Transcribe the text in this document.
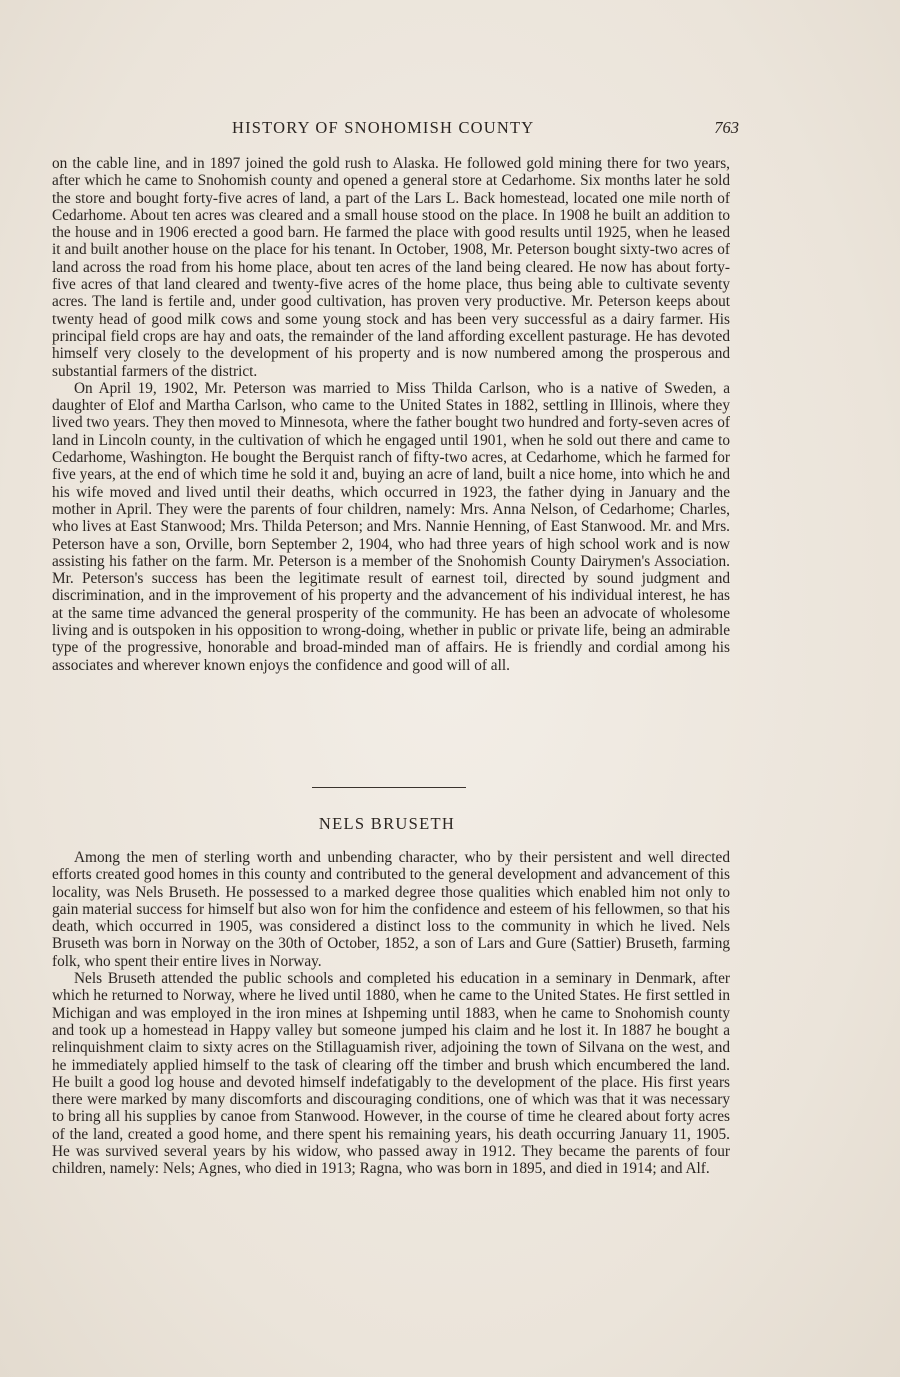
HISTORY OF SNOHOMISH COUNTY	763

on the cable line, and in 1897 joined the gold rush to Alaska. He followed gold mining there for two years, after which he came to Snohomish county and opened a general store at Cedarhome. Six months later he sold the store and bought forty-five acres of land, a part of the Lars L. Back homestead, located one mile north of Cedarhome. About ten acres was cleared and a small house stood on the place. In 1908 he built an addition to the house and in 1906 erected a good barn. He farmed the place with good results until 1925, when he leased it and built another house on the place for his tenant. In October, 1908, Mr. Peterson bought sixty-two acres of land across the road from his home place, about ten acres of the land being cleared. He now has about forty-five acres of that land cleared and twenty-five acres of the home place, thus being able to cultivate seventy acres. The land is fertile and, under good cultivation, has proven very productive. Mr. Peterson keeps about twenty head of good milk cows and some young stock and has been very successful as a dairy farmer. His principal field crops are hay and oats, the remainder of the land affording excellent pasturage. He has devoted himself very closely to the development of his property and is now numbered among the prosperous and substantial farmers of the district.

On April 19, 1902, Mr. Peterson was married to Miss Thilda Carlson, who is a native of Sweden, a daughter of Elof and Martha Carlson, who came to the United States in 1882, settling in Illinois, where they lived two years. They then moved to Minnesota, where the father bought two hundred and forty-seven acres of land in Lincoln county, in the cultivation of which he engaged until 1901, when he sold out there and came to Cedarhome, Washington. He bought the Berquist ranch of fifty-two acres, at Cedarhome, which he farmed for five years, at the end of which time he sold it and, buying an acre of land, built a nice home, into which he and his wife moved and lived until their deaths, which occurred in 1923, the father dying in January and the mother in April. They were the parents of four children, namely: Mrs. Anna Nelson, of Cedarhome; Charles, who lives at East Stanwood; Mrs. Thilda Peterson; and Mrs. Nannie Henning, of East Stanwood. Mr. and Mrs. Peterson have a son, Orville, born September 2, 1904, who had three years of high school work and is now assisting his father on the farm. Mr. Peterson is a member of the Snohomish County Dairymen's Association. Mr. Peterson's success has been the legitimate result of earnest toil, directed by sound judgment and discrimination, and in the improvement of his property and the advancement of his individual interest, he has at the same time advanced the general prosperity of the community. He has been an advocate of wholesome living and is outspoken in his opposition to wrong-doing, whether in public or private life, being an admirable type of the progressive, honorable and broad-minded man of affairs. He is friendly and cordial among his associates and wherever known enjoys the confidence and good will of all.

NELS BRUSETH

Among the men of sterling worth and unbending character, who by their persistent and well directed efforts created good homes in this county and contributed to the general development and advancement of this locality, was Nels Bruseth. He possessed to a marked degree those qualities which enabled him not only to gain material success for himself but also won for him the confidence and esteem of his fellowmen, so that his death, which occurred in 1905, was considered a distinct loss to the community in which he lived. Nels Bruseth was born in Norway on the 30th of October, 1852, a son of Lars and Gure (Sattier) Bruseth, farming folk, who spent their entire lives in Norway.

Nels Bruseth attended the public schools and completed his education in a seminary in Denmark, after which he returned to Norway, where he lived until 1880, when he came to the United States. He first settled in Michigan and was employed in the iron mines at Ishpeming until 1883, when he came to Snohomish county and took up a homestead in Happy valley but someone jumped his claim and he lost it. In 1887 he bought a relinquishment claim to sixty acres on the Stillaguamish river, adjoining the town of Silvana on the west, and he immediately applied himself to the task of clearing off the timber and brush which encumbered the land. He built a good log house and devoted himself indefatigably to the development of the place. His first years there were marked by many discomforts and discouraging conditions, one of which was that it was necessary to bring all his supplies by canoe from Stanwood. However, in the course of time he cleared about forty acres of the land, created a good home, and there spent his remaining years, his death occurring January 11, 1905. He was survived several years by his widow, who passed away in 1912. They became the parents of four children, namely: Nels; Agnes, who died in 1913; Ragna, who was born in 1895, and died in 1914; and Alf.
